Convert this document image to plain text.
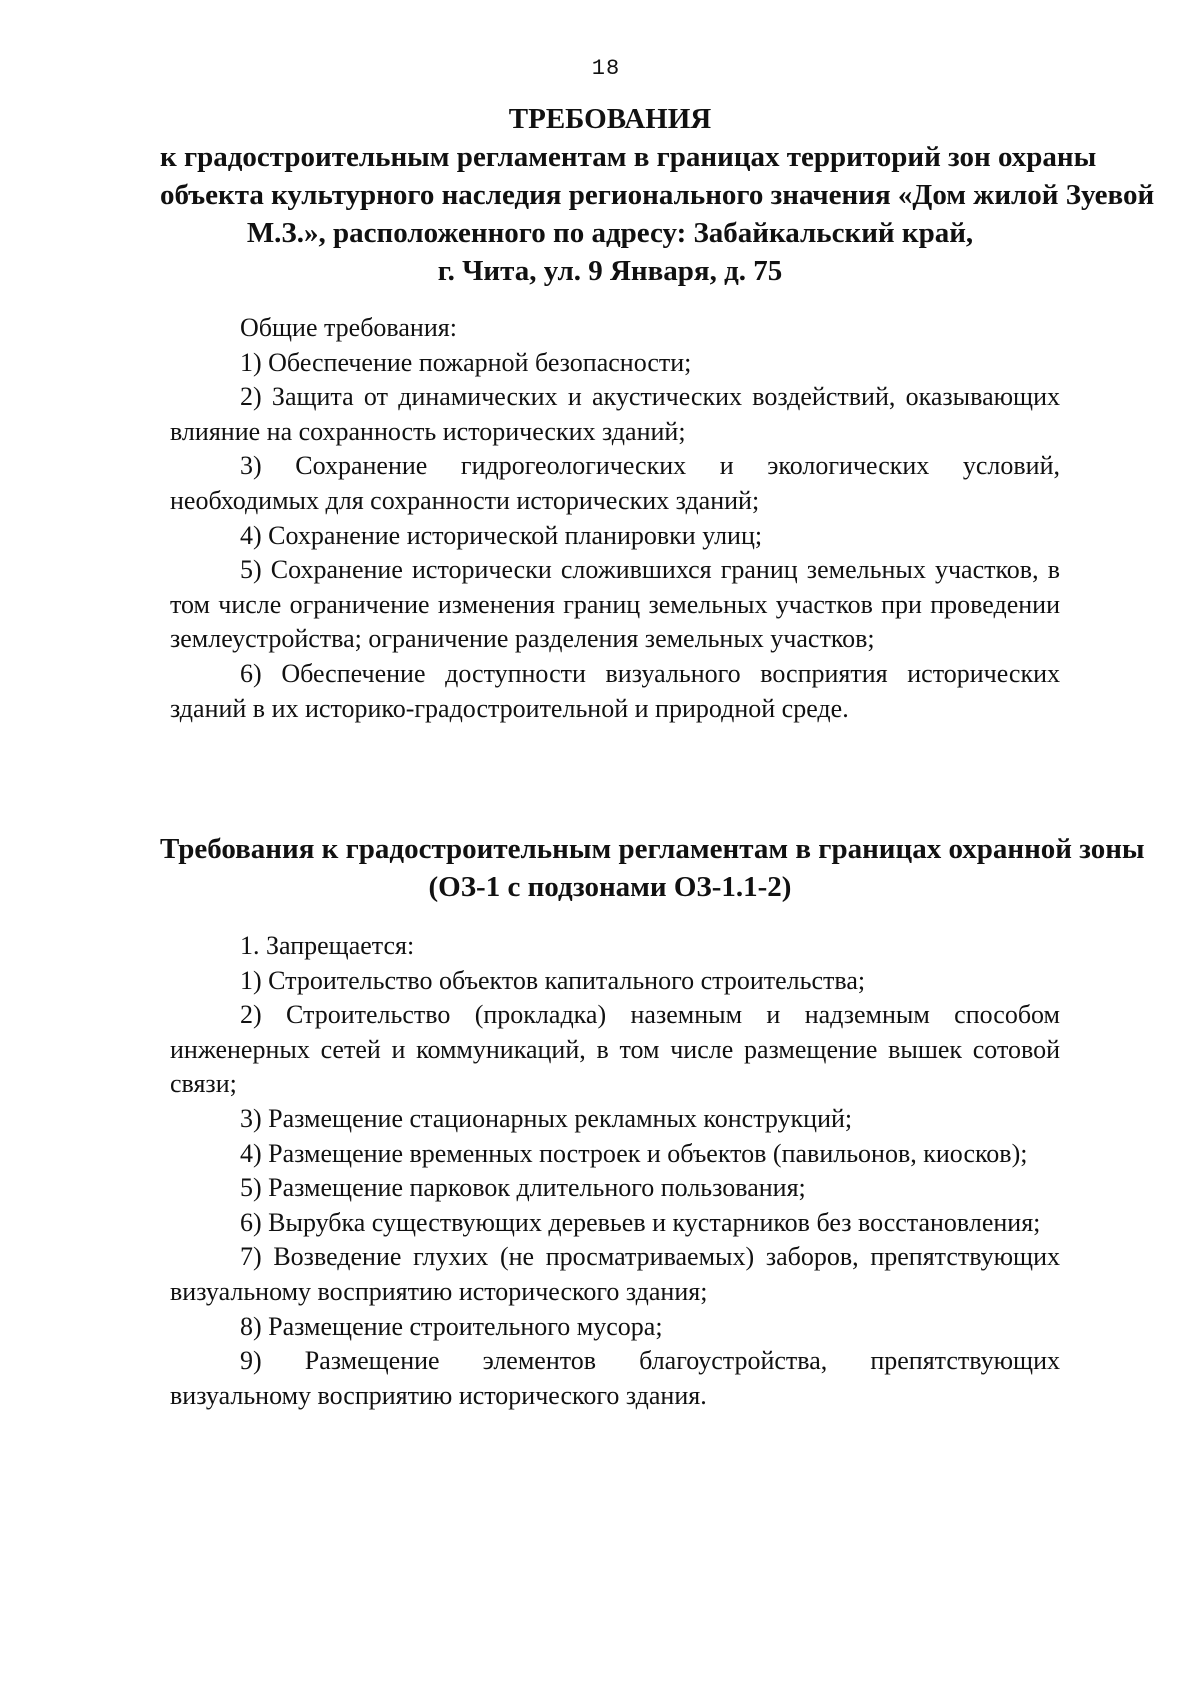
18
ТРЕБОВАНИЯ
к градостроительным регламентам в границах территорий зон охраны
объекта культурного наследия регионального значения «Дом жилой Зуевой
М.З.», расположенного по адресу: Забайкальский край,
г. Чита, ул. 9 Января, д. 75

Общие требования:

1) Обеспечение пожарной безопасности;

2) Защита от динамических и акустических воздействий, оказывающих влияние на сохранность исторических зданий;

3) Сохранение гидрогеологических и экологических условий, необходимых для сохранности исторических зданий;

4) Сохранение исторической планировки улиц;

5) Сохранение исторически сложившихся границ земельных участков, в том числе ограничение изменения границ земельных участков при проведении землеустройства; ограничение разделения земельных участков;

6) Обеспечение доступности визуального восприятия исторических зданий в их историко-градостроительной и природной среде.

Требования к градостроительным регламентам в границах охранной зоны
(ОЗ-1 с подзонами ОЗ-1.1-2)

1. Запрещается:

1) Строительство объектов капитального строительства;

2) Строительство (прокладка) наземным и надземным способом инженерных сетей и коммуникаций, в том числе размещение вышек сотовой связи;

3) Размещение стационарных рекламных конструкций;

4) Размещение временных построек и объектов (павильонов, киосков);

5) Размещение парковок длительного пользования;

6) Вырубка существующих деревьев и кустарников без восстановления;

7) Возведение глухих (не просматриваемых) заборов, препятствующих визуальному восприятию исторического здания;

8) Размещение строительного мусора;

9) Размещение элементов благоустройства, препятствующих визуальному восприятию исторического здания.
